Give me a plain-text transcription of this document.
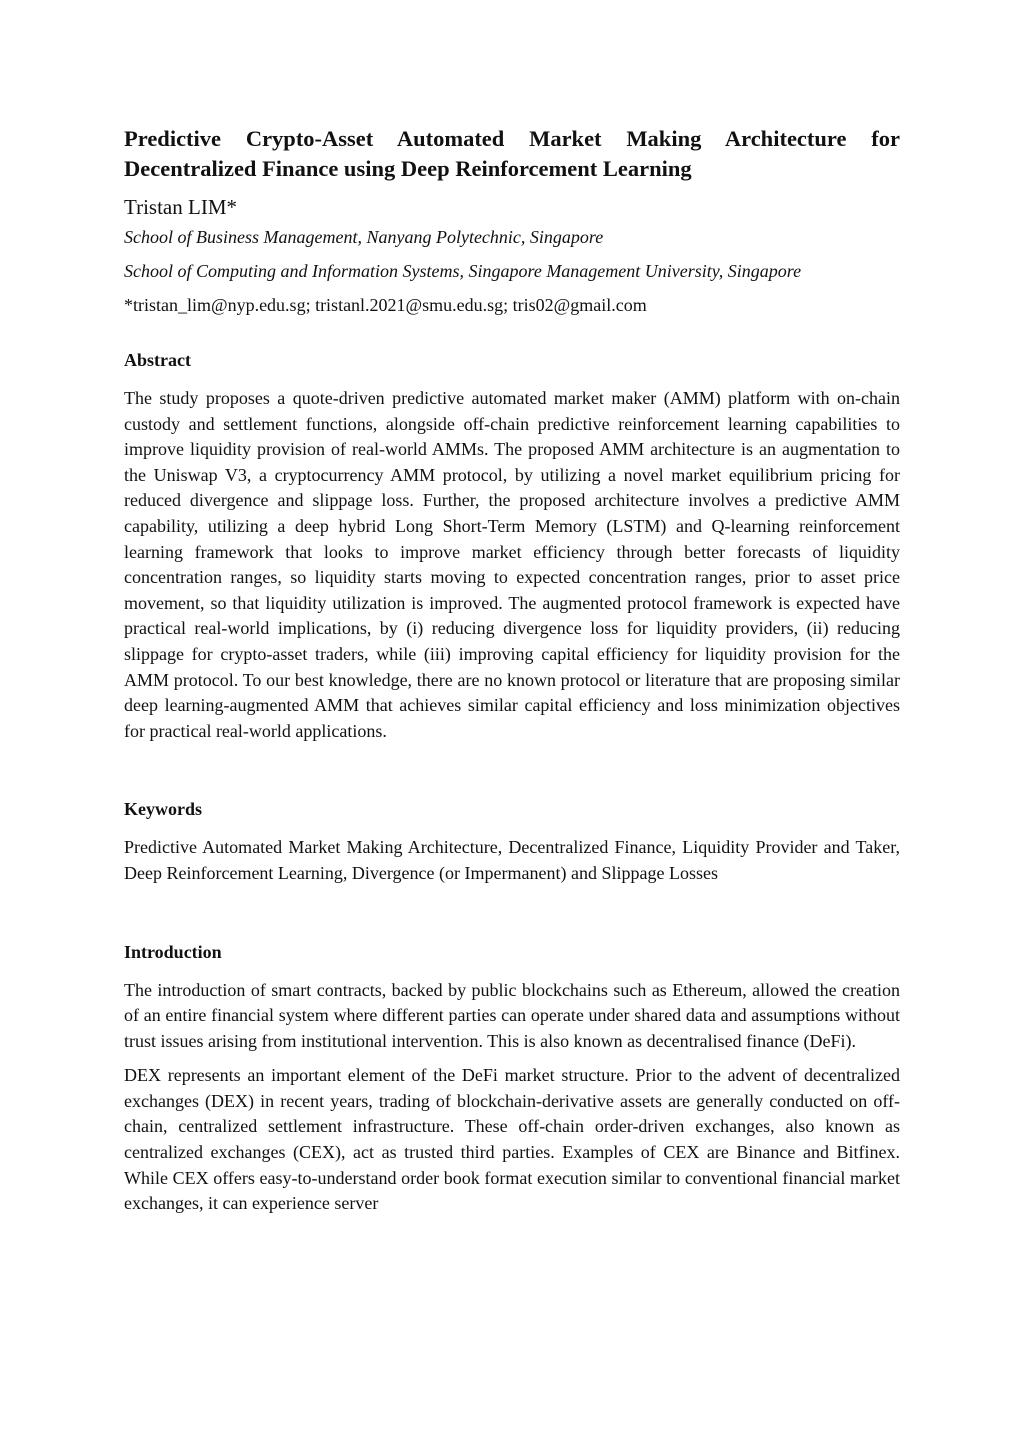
Predictive Crypto-Asset Automated Market Making Architecture for Decentralized Finance using Deep Reinforcement Learning
Tristan LIM*
School of Business Management, Nanyang Polytechnic, Singapore
School of Computing and Information Systems, Singapore Management University, Singapore
*tristan_lim@nyp.edu.sg; tristanl.2021@smu.edu.sg; tris02@gmail.com
Abstract

The study proposes a quote-driven predictive automated market maker (AMM) platform with on-chain custody and settlement functions, alongside off-chain predictive reinforcement learning capabilities to improve liquidity provision of real-world AMMs. The proposed AMM architecture is an augmentation to the Uniswap V3, a cryptocurrency AMM protocol, by utilizing a novel market equilibrium pricing for reduced divergence and slippage loss. Further, the proposed architecture involves a predictive AMM capability, utilizing a deep hybrid Long Short-Term Memory (LSTM) and Q-learning reinforcement learning framework that looks to improve market efficiency through better forecasts of liquidity concentration ranges, so liquidity starts moving to expected concentration ranges, prior to asset price movement, so that liquidity utilization is improved. The augmented protocol framework is expected have practical real-world implications, by (i) reducing divergence loss for liquidity providers, (ii) reducing slippage for crypto-asset traders, while (iii) improving capital efficiency for liquidity provision for the AMM protocol. To our best knowledge, there are no known protocol or literature that are proposing similar deep learning-augmented AMM that achieves similar capital efficiency and loss minimization objectives for practical real-world applications.

Keywords

Predictive Automated Market Making Architecture, Decentralized Finance, Liquidity Provider and Taker, Deep Reinforcement Learning, Divergence (or Impermanent) and Slippage Losses

Introduction

The introduction of smart contracts, backed by public blockchains such as Ethereum, allowed the creation of an entire financial system where different parties can operate under shared data and assumptions without trust issues arising from institutional intervention. This is also known as decentralised finance (DeFi).

DEX represents an important element of the DeFi market structure. Prior to the advent of decentralized exchanges (DEX) in recent years, trading of blockchain-derivative assets are generally conducted on off-chain, centralized settlement infrastructure. These off-chain order-driven exchanges, also known as centralized exchanges (CEX), act as trusted third parties. Examples of CEX are Binance and Bitfinex. While CEX offers easy-to-understand order book format execution similar to conventional financial market exchanges, it can experience server
